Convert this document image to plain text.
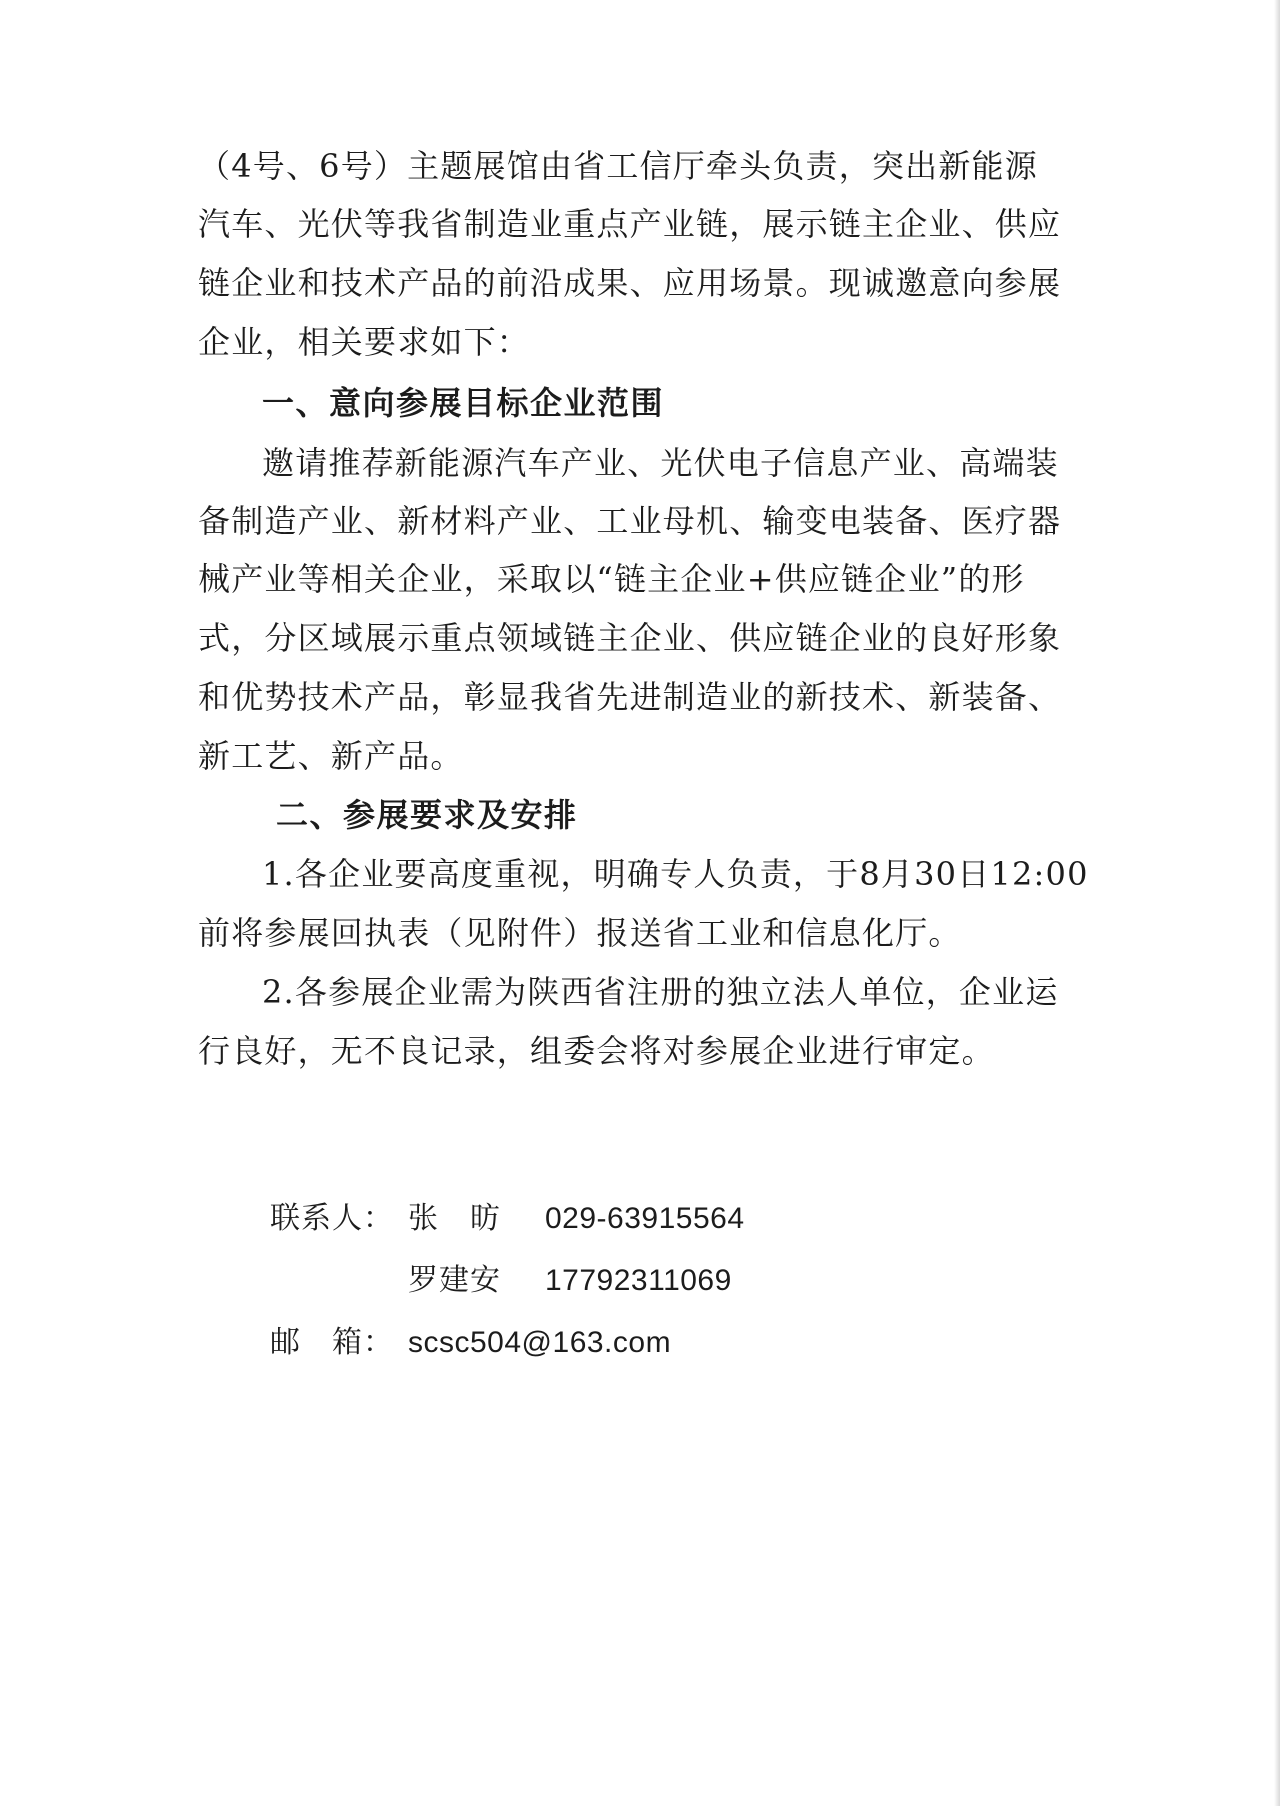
（4号、6号）主题展馆由省工信厅牵头负责，突出新能源
汽车、光伏等我省制造业重点产业链，展示链主企业、供应
链企业和技术产品的前沿成果、应用场景。现诚邀意向参展
企业，相关要求如下：
一、意向参展目标企业范围
邀请推荐新能源汽车产业、光伏电子信息产业、高端装
备制造产业、新材料产业、工业母机、输变电装备、医疗器
械产业等相关企业，采取以“链主企业+供应链企业”的形
式，分区域展示重点领域链主企业、供应链企业的良好形象
和优势技术产品，彰显我省先进制造业的新技术、新装备、
新工艺、新产品。
二、参展要求及安排
1.各企业要高度重视，明确专人负责，于8月30日12:00
前将参展回执表（见附件）报送省工业和信息化厅。
2.各参展企业需为陕西省注册的独立法人单位，企业运
行良好，无不良记录，组委会将对参展企业进行审定。
联系人： 张　昉 029-63915564
罗建安 17792311069
邮　箱： scsc504@163.com
